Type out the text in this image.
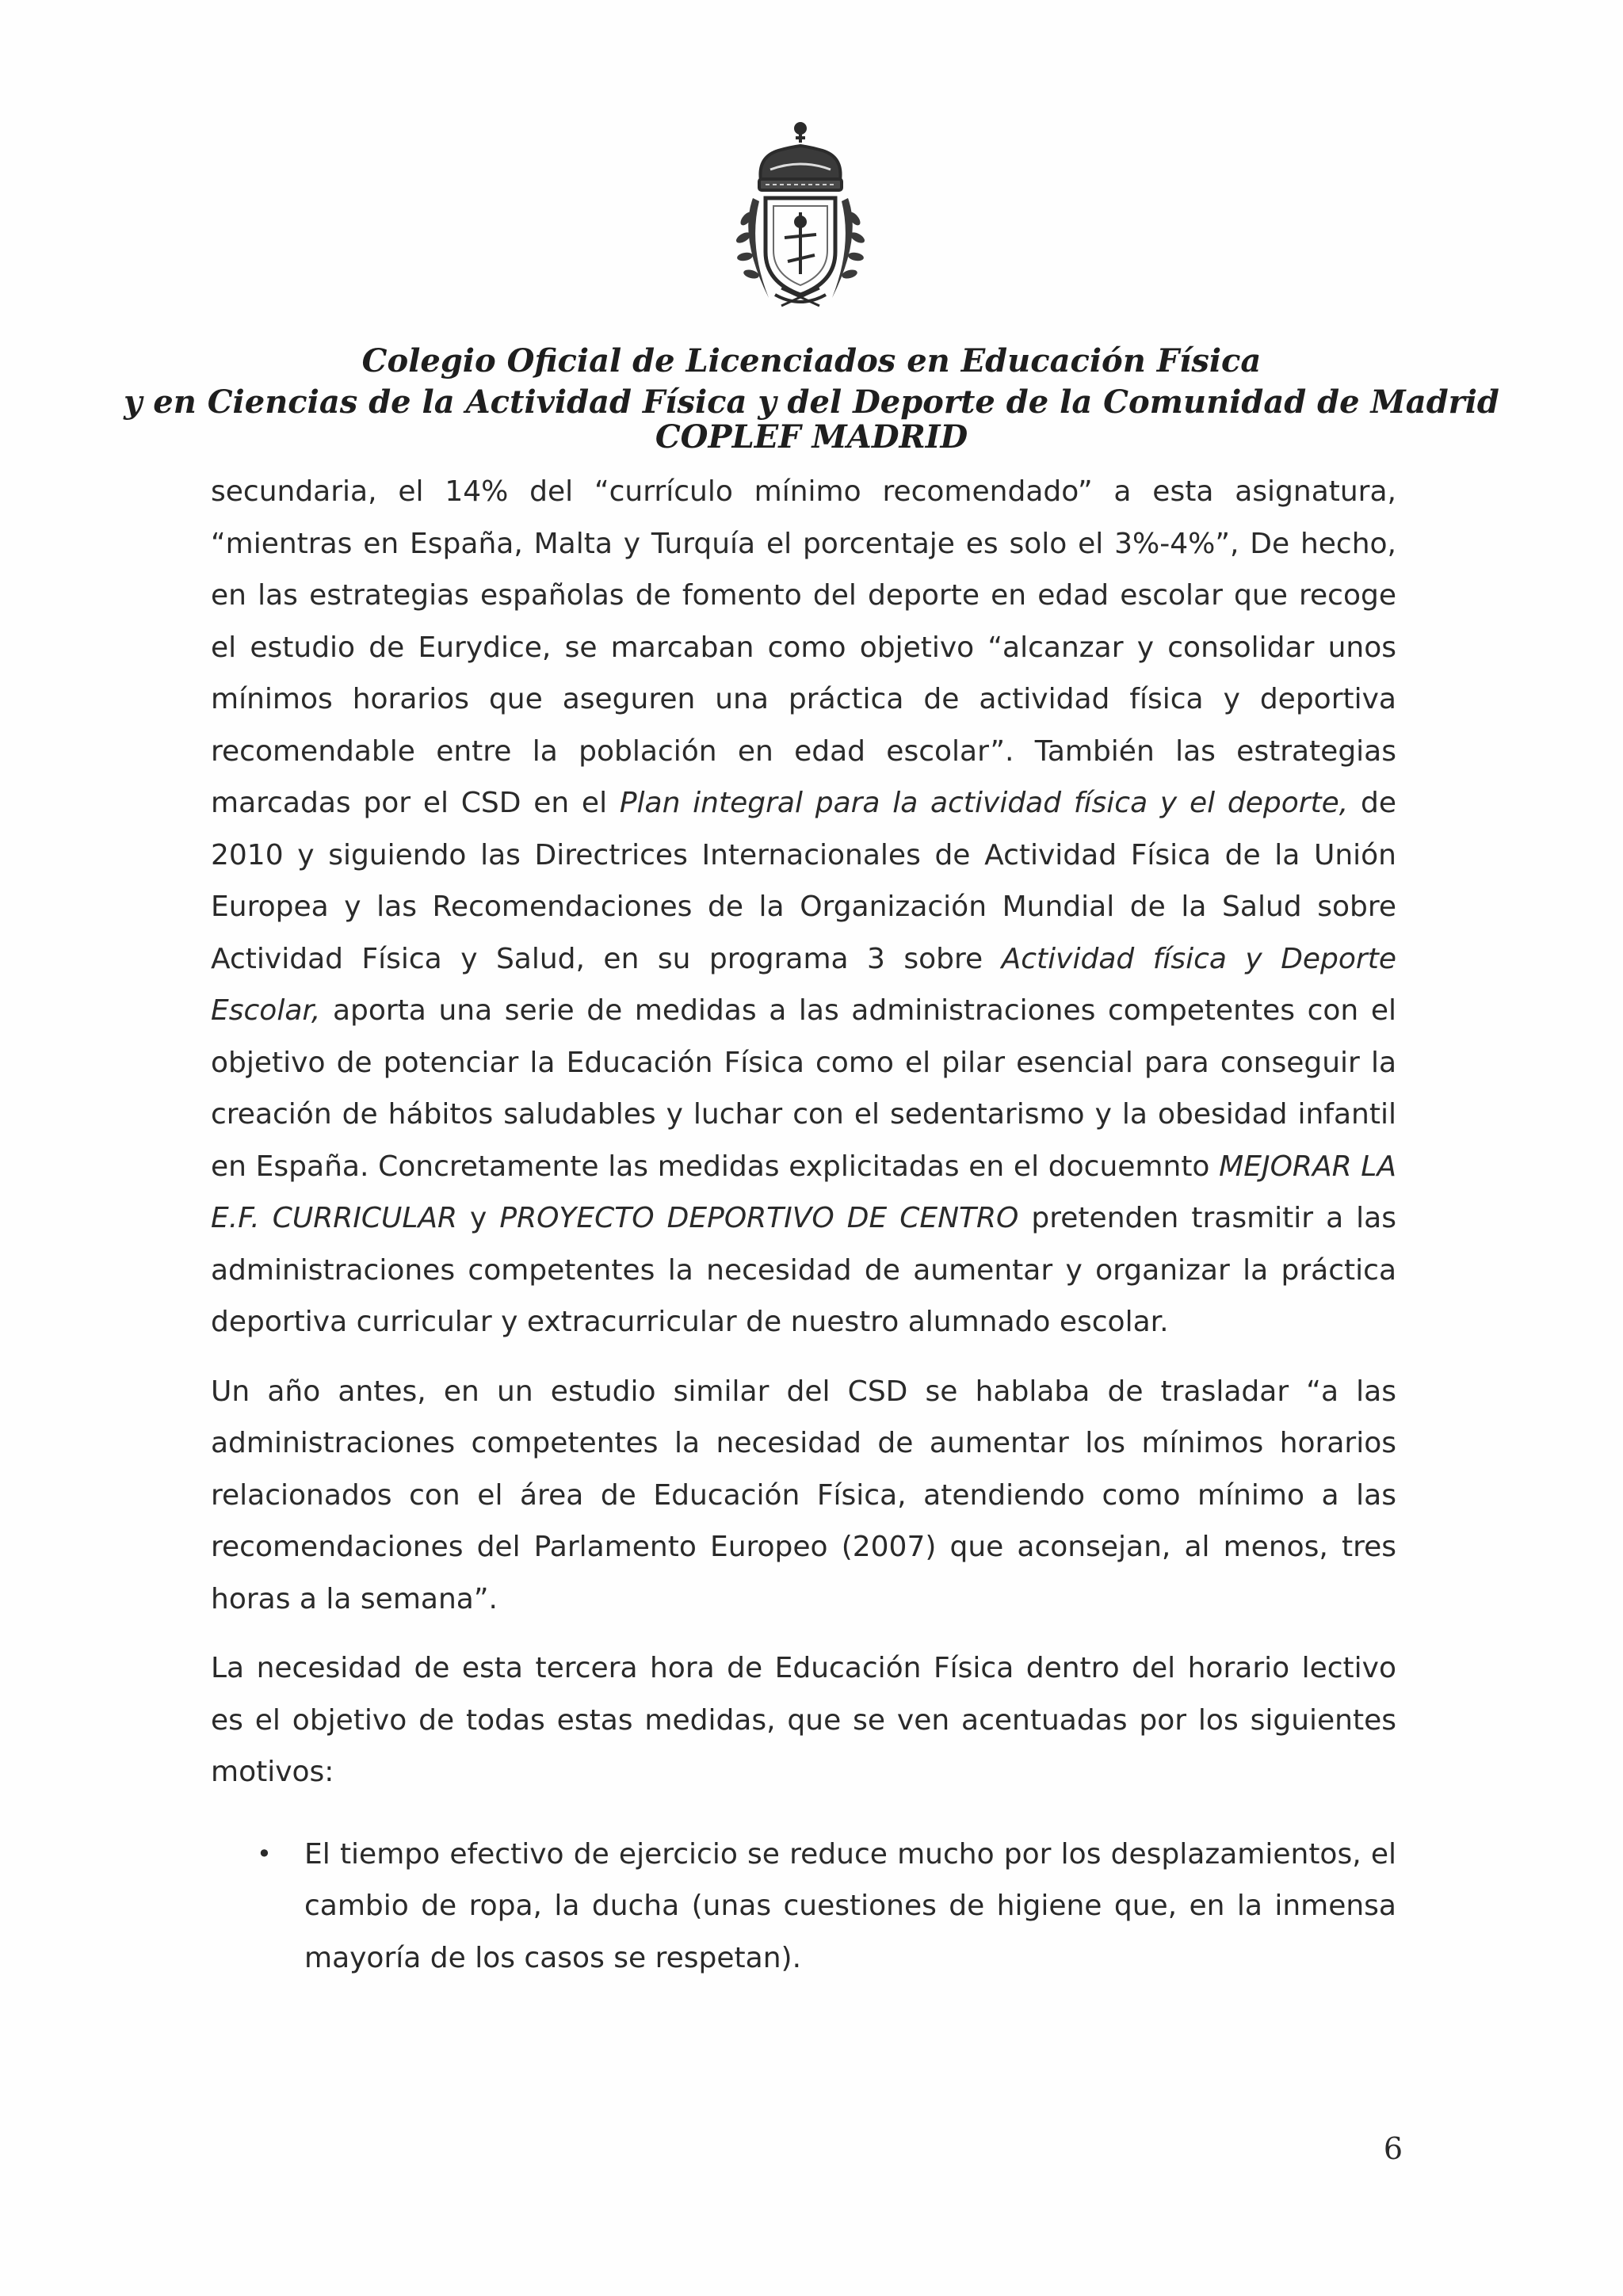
Colegio Oficial de Licenciados en Educación Física
y en Ciencias de la Actividad Física y del Deporte de la Comunidad de Madrid
COPLEF MADRID

secundaria, el 14% del “currículo mínimo recomendado” a esta asignatura, “mientras en España, Malta y Turquía el porcentaje es solo el 3%-4%”, De hecho, en las estrategias españolas de fomento del deporte en edad escolar que recoge el estudio de Eurydice, se marcaban como objetivo “alcanzar y consolidar unos mínimos horarios que aseguren una práctica de actividad física y deportiva recomendable entre la población en edad escolar”. También las estrategias marcadas por el CSD en el Plan integral para la actividad física y el deporte, de 2010 y siguiendo las Directrices Internacionales de Actividad Física de la Unión Europea y las Recomendaciones de la Organización Mundial de la Salud sobre Actividad Física y Salud, en su programa 3 sobre Actividad física y Deporte Escolar, aporta una serie de medidas a las administraciones competentes con el objetivo de potenciar la Educación Física como el pilar esencial para conseguir la creación de hábitos saludables y luchar con el sedentarismo y la obesidad infantil en España. Concretamente las medidas explicitadas en el docuemnto MEJORAR LA E.F. CURRICULAR y PROYECTO DEPORTIVO DE CENTRO pretenden trasmitir a las administraciones competentes la necesidad de aumentar y organizar la práctica deportiva curricular y extracurricular de nuestro alumnado escolar.

Un año antes, en un estudio similar del CSD se hablaba de trasladar “a las administraciones competentes la necesidad de aumentar los mínimos horarios relacionados con el área de Educación Física, atendiendo como mínimo a las recomendaciones del Parlamento Europeo (2007) que aconsejan, al menos, tres horas a la semana”.

La necesidad de esta tercera hora de Educación Física dentro del horario lectivo es el objetivo de todas estas medidas, que se ven acentuadas por los siguientes motivos:

•	El tiempo efectivo de ejercicio se reduce mucho por los desplazamientos, el cambio de ropa, la ducha (unas cuestiones de higiene que, en la inmensa mayoría de los casos se respetan).
6
